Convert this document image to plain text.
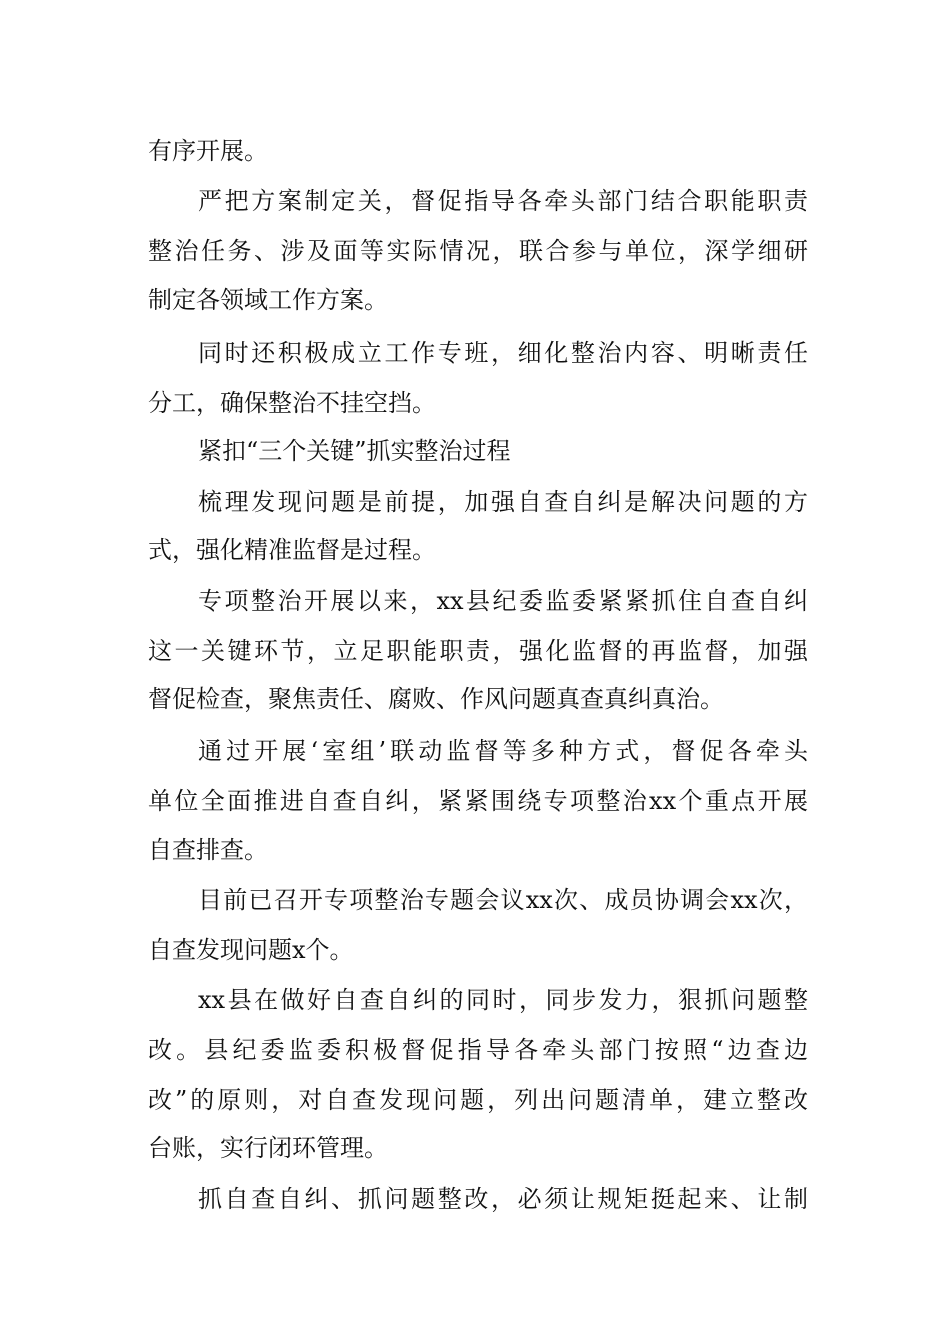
有序开展。
严把方案制定关，督促指导各牵头部门结合职能职责
整治任务、涉及面等实际情况，联合参与单位，深学细研
制定各领域工作方案。
同时还积极成立工作专班，细化整治内容、明晰责任
分工，确保整治不挂空挡。
紧扣“三个关键”抓实整治过程
梳理发现问题是前提，加强自查自纠是解决问题的方
式，强化精准监督是过程。
专项整治开展以来，xx县纪委监委紧紧抓住自查自纠
这一关键环节，立足职能职责，强化监督的再监督，加强
督促检查，聚焦责任、腐败、作风问题真查真纠真治。
通过开展‘室组’联动监督等多种方式，督促各牵头
单位全面推进自查自纠，紧紧围绕专项整治xx个重点开展
自查排查。
目前已召开专项整治专题会议xx次、成员协调会xx次，
自查发现问题x个。
xx县在做好自查自纠的同时，同步发力，狠抓问题整
改。县纪委监委积极督促指导各牵头部门按照“边查边
改”的原则，对自查发现问题，列出问题清单，建立整改
台账，实行闭环管理。
抓自查自纠、抓问题整改，必须让规矩挺起来、让制
